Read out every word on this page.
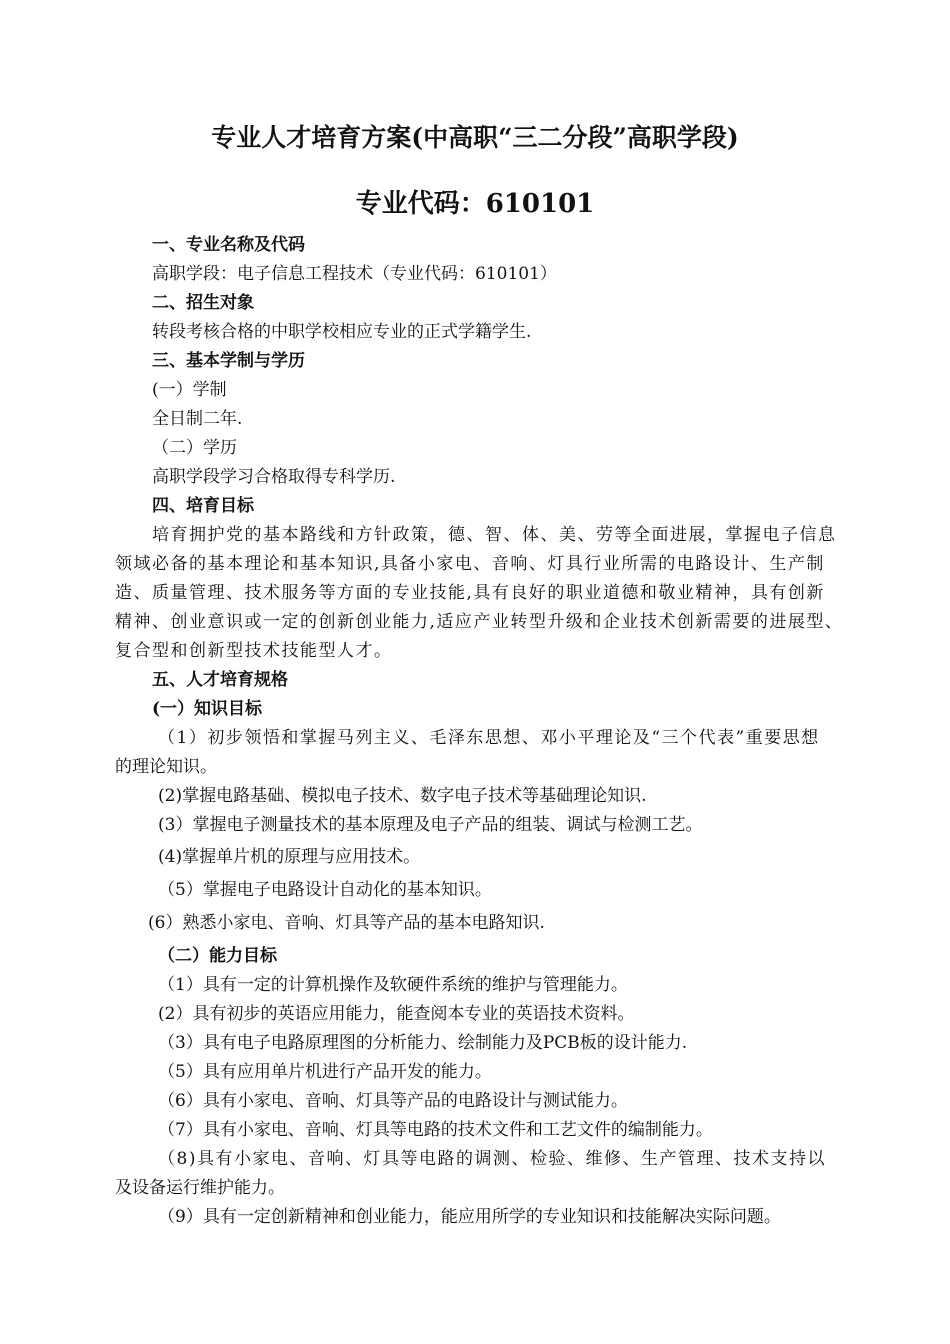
专业人才培育方案(中高职“三二分段”高职学段)
专业代码：610101
一、专业名称及代码
高职学段：电子信息工程技术（专业代码：610101）
二、招生对象
转段考核合格的中职学校相应专业的正式学籍学生.
三、基本学制与学历
(一）学制
全日制二年.
（二）学历
高职学段学习合格取得专科学历.
四、培育目标
培育拥护党的基本路线和方针政策，德、智、体、美、劳等全面进展，掌握电子信息
领域必备的基本理论和基本知识,具备小家电、音响、灯具行业所需的电路设计、生产制
造、质量管理、技术服务等方面的专业技能,具有良好的职业道德和敬业精神，具有创新
精神、创业意识或一定的创新创业能力,适应产业转型升级和企业技术创新需要的进展型、
复合型和创新型技术技能型人才。
五、人才培育规格
(一）知识目标
（1）初步领悟和掌握马列主义、毛泽东思想、邓小平理论及“三个代表”重要思想
的理论知识。
(2)掌握电路基础、模拟电子技术、数字电子技术等基础理论知识.
(3）掌握电子测量技术的基本原理及电子产品的组装、调试与检测工艺。
(4)掌握单片机的原理与应用技术。
（5）掌握电子电路设计自动化的基本知识。
(6）熟悉小家电、音响、灯具等产品的基本电路知识.
（二）能力目标
（1）具有一定的计算机操作及软硬件系统的维护与管理能力。
(2）具有初步的英语应用能力，能查阅本专业的英语技术资料。
（3）具有电子电路原理图的分析能力、绘制能力及PCB板的设计能力.
（5）具有应用单片机进行产品开发的能力。
（6）具有小家电、音响、灯具等产品的电路设计与测试能力。
（7）具有小家电、音响、灯具等电路的技术文件和工艺文件的编制能力。
（8)具有小家电、音响、灯具等电路的调测、检验、维修、生产管理、技术支持以
及设备运行维护能力。
（9）具有一定创新精神和创业能力，能应用所学的专业知识和技能解决实际问题。
